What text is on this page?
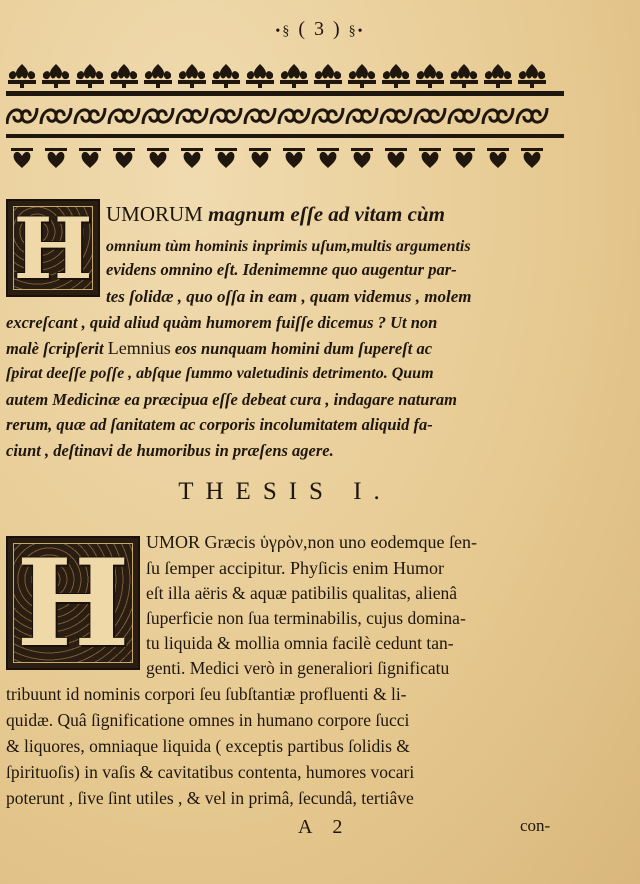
•§ ( 3 ) §•
H UMORUM magnum eſſe ad vitam cùm
omnium tùm hominis inprimis uſum,multis argumentis
evidens omnino eſt. Idenimemne quo augentur par-
tes ſolidæ , quo oſſa in eam , quam videmus , molem
excreſcant , quid aliud quàm humorem fuiſſe dicemus ? Ut non
malè ſcripſerit Lemnius eos nunquam homini dum ſupereſt ac
ſpirat deeſſe poſſe , abſque ſummo valetudinis detrimento. Quum
autem Medicinæ ea præcipua eſſe debeat cura , indagare naturam
rerum, quæ ad ſanitatem ac corporis incolumitatem aliquid fa-
ciunt , deſtinavi de humoribus in præſens agere.
THESIS I.
H UMOR Græcis ὑγρὸν,non uno eodemque ſen-
ſu ſemper accipitur. Phyſicis enim Humor
eſt illa aëris & aquæ patibilis qualitas, alienâ
ſuperficie non ſua terminabilis, cujus domina-
tu liquida & mollia omnia facilè cedunt tan-
genti. Medici verò in generaliori ſignificatu
tribuunt id nominis corpori ſeu ſubſtantiæ profluenti & li-
quidæ. Quâ ſignificatione omnes in humano corpore ſucci
& liquores, omniaque liquida ( exceptis partibus ſolidis &
ſpirituoſis) in vaſis & cavitatibus contenta, humores vocari
poterunt , ſive ſint utiles , & vel in primâ, ſecundâ, tertiâve
A 2	con-
